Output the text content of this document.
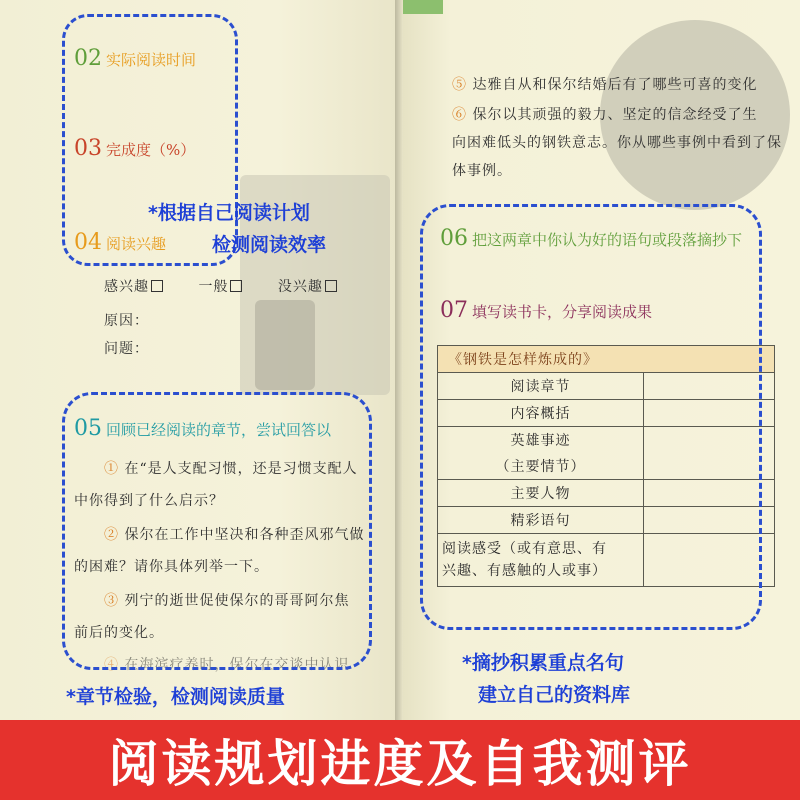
02 实际阅读时间
03 完成度（%）
04 阅读兴趣
*根据自己阅读计划
检测阅读效率
感兴趣	一般	没兴趣
原因：
问题：
05 回顾已经阅读的章节，尝试回答以
① 在“是人支配习惯，还是习惯支配人
中你得到了什么启示？
② 保尔在工作中坚决和各种歪风邪气做
的困难？请你具体列举一下。
③ 列宁的逝世促使保尔的哥哥阿尔焦
前后的变化。
④ 在海滨疗养时，保尔在交谈中认识
*章节检验，检测阅读质量
⑤ 达雅自从和保尔结婚后有了哪些可喜的变化
⑥ 保尔以其顽强的毅力、坚定的信念经受了生
向困难低头的钢铁意志。你从哪些事例中看到了保
体事例。
06 把这两章中你认为好的语句或段落摘抄下
07 填写读书卡，分享阅读成果
《钢铁是怎样炼成的》	
阅读章节	
内容概括	
英雄事迹	
（主要情节）	
主要人物	
精彩语句	

阅读感受（或有意思、有
兴趣、有感触的人或事）	

*摘抄积累重点名句
建立自己的资料库
阅读规划进度及自我测评
